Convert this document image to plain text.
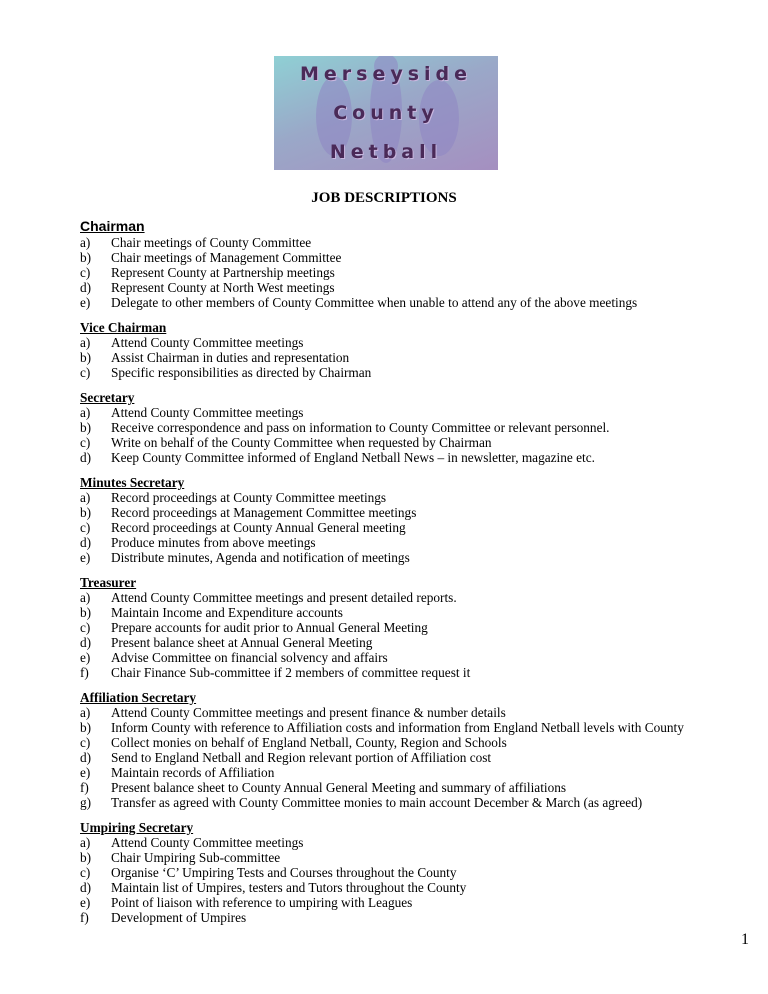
Merseyside
County
Netball
JOB DESCRIPTIONS
Chairman
a)	Chair meetings of County Committee
b)	Chair meetings of Management Committee
c)	Represent County at Partnership meetings
d)	Represent County at North West meetings
e)	Delegate to other members of County Committee when unable to attend any of the above meetings
Vice Chairman
a)	Attend County Committee meetings
b)	Assist Chairman in duties and representation
c)	Specific responsibilities as directed by Chairman
Secretary
a)	Attend County Committee meetings
b)	Receive correspondence and pass on information to County Committee or relevant personnel.
c)	Write on behalf of the County Committee when requested by Chairman
d)	Keep County Committee informed of England Netball News – in newsletter, magazine etc.
Minutes Secretary
a)	Record proceedings at County Committee meetings
b)	Record proceedings at Management Committee meetings
c)	Record proceedings at County Annual General meeting
d)	Produce minutes from above meetings
e)	Distribute minutes, Agenda and notification of meetings
Treasurer
a)	Attend County Committee meetings and present detailed reports.
b)	Maintain Income and Expenditure accounts
c)	Prepare accounts for audit prior to Annual General Meeting
d)	Present balance sheet at Annual General Meeting
e)	Advise Committee on financial solvency and affairs
f)	Chair Finance Sub-committee if 2 members of committee request it
Affiliation Secretary
a)	Attend County Committee meetings and present finance & number details
b)	Inform County with reference to Affiliation costs and information from England Netball levels with County
c)	Collect monies on behalf of England Netball, County, Region and Schools
d)	Send to England Netball and Region relevant portion of Affiliation cost
e)	Maintain records of Affiliation
f)	Present balance sheet to County Annual General Meeting and summary of affiliations
g)	Transfer as agreed with County Committee monies to main account December & March (as agreed)
Umpiring Secretary
a)	Attend County Committee meetings
b)	Chair Umpiring Sub-committee
c)	Organise ‘C’ Umpiring Tests and Courses throughout the County
d)	Maintain list of Umpires, testers and Tutors throughout the County
e)	Point of liaison with reference to umpiring with Leagues
f)	Development of Umpires
1
